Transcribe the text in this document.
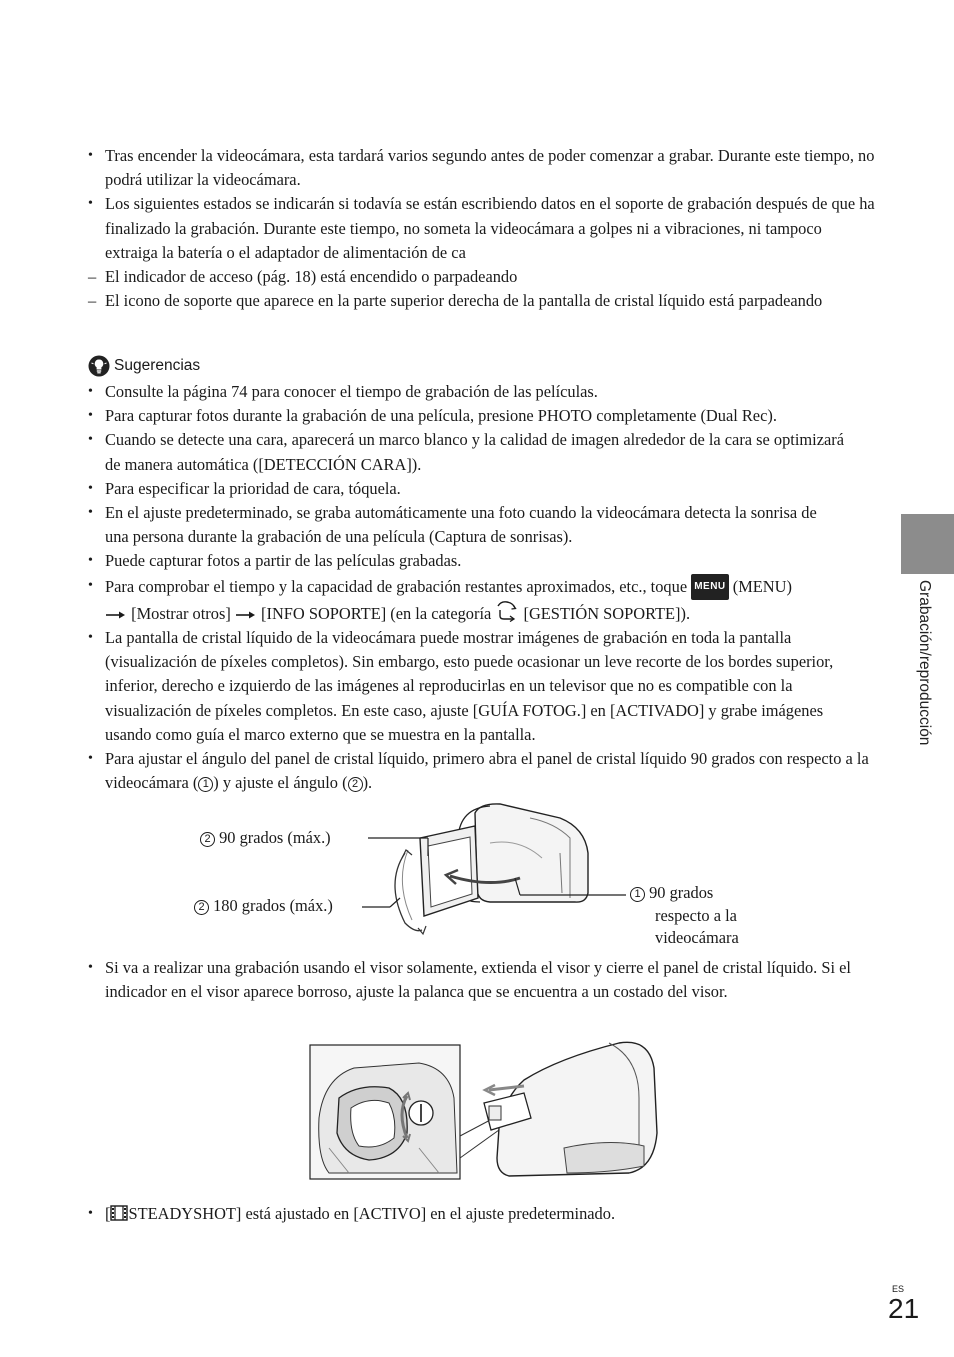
• Tras encender la videocámara, esta tardará varios segundo antes de poder comenzar a grabar. Durante este tiempo, no podrá utilizar la videocámara.

• Los siguientes estados se indicarán si todavía se están escribiendo datos en el soporte de grabación después de que ha finalizado la grabación. Durante este tiempo, no someta la videocámara a golpes ni a vibraciones, ni tampoco extraiga la batería o el adaptador de alimentación de ca

– El indicador de acceso (pág. 18) está encendido o parpadeando

– El icono de soporte que aparece en la parte superior derecha de la pantalla de cristal líquido está parpadeando

Sugerencias

• Consulte la página 74 para conocer el tiempo de grabación de las películas.

• Para capturar fotos durante la grabación de una película, presione PHOTO completamente (Dual Rec).

• Cuando se detecte una cara, aparecerá un marco blanco y la calidad de imagen alrededor de la cara se optimizará de manera automática ([DETECCIÓN CARA]).

• Para especificar la prioridad de cara, tóquela.

• En el ajuste predeterminado, se graba automáticamente una foto cuando la videocámara detecta la sonrisa de una persona durante la grabación de una película (Captura de sonrisas).

• Puede capturar fotos a partir de las películas grabadas.

• Para comprobar el tiempo y la capacidad de grabación restantes aproximados, etc., toque MENU (MENU)
[Mostrar otros] [INFO SOPORTE] (en la categoría [GESTIÓN SOPORTE]).

• La pantalla de cristal líquido de la videocámara puede mostrar imágenes de grabación en toda la pantalla (visualización de píxeles completos). Sin embargo, esto puede ocasionar un leve recorte de los bordes superior, inferior, derecho e izquierdo de las imágenes al reproducirlas en un televisor que no es compatible con la visualización de píxeles completos. En este caso, ajuste [GUÍA FOTOG.] en [ACTIVADO] y grabe imágenes usando como guía el marco externo que se muestra en la pantalla.

• Para ajustar el ángulo del panel de cristal líquido, primero abra el panel de cristal líquido 90 grados con respecto a la videocámara ( 1 ) y ajuste el ángulo ( 2 ).

2 90 grados (máx.)
2 180 grados (máx.)
1 90 grados
respecto a la
videocámara

• Si va a realizar una grabación usando el visor solamente, extienda el visor y cierre el panel de cristal líquido. Si el indicador en el visor aparece borroso, ajuste la palanca que se encuentra a un costado del visor.

• [ STEADYSHOT] está ajustado en [ACTIVO] en el ajuste predeterminado.

Grabación/reproducción
ES
21
